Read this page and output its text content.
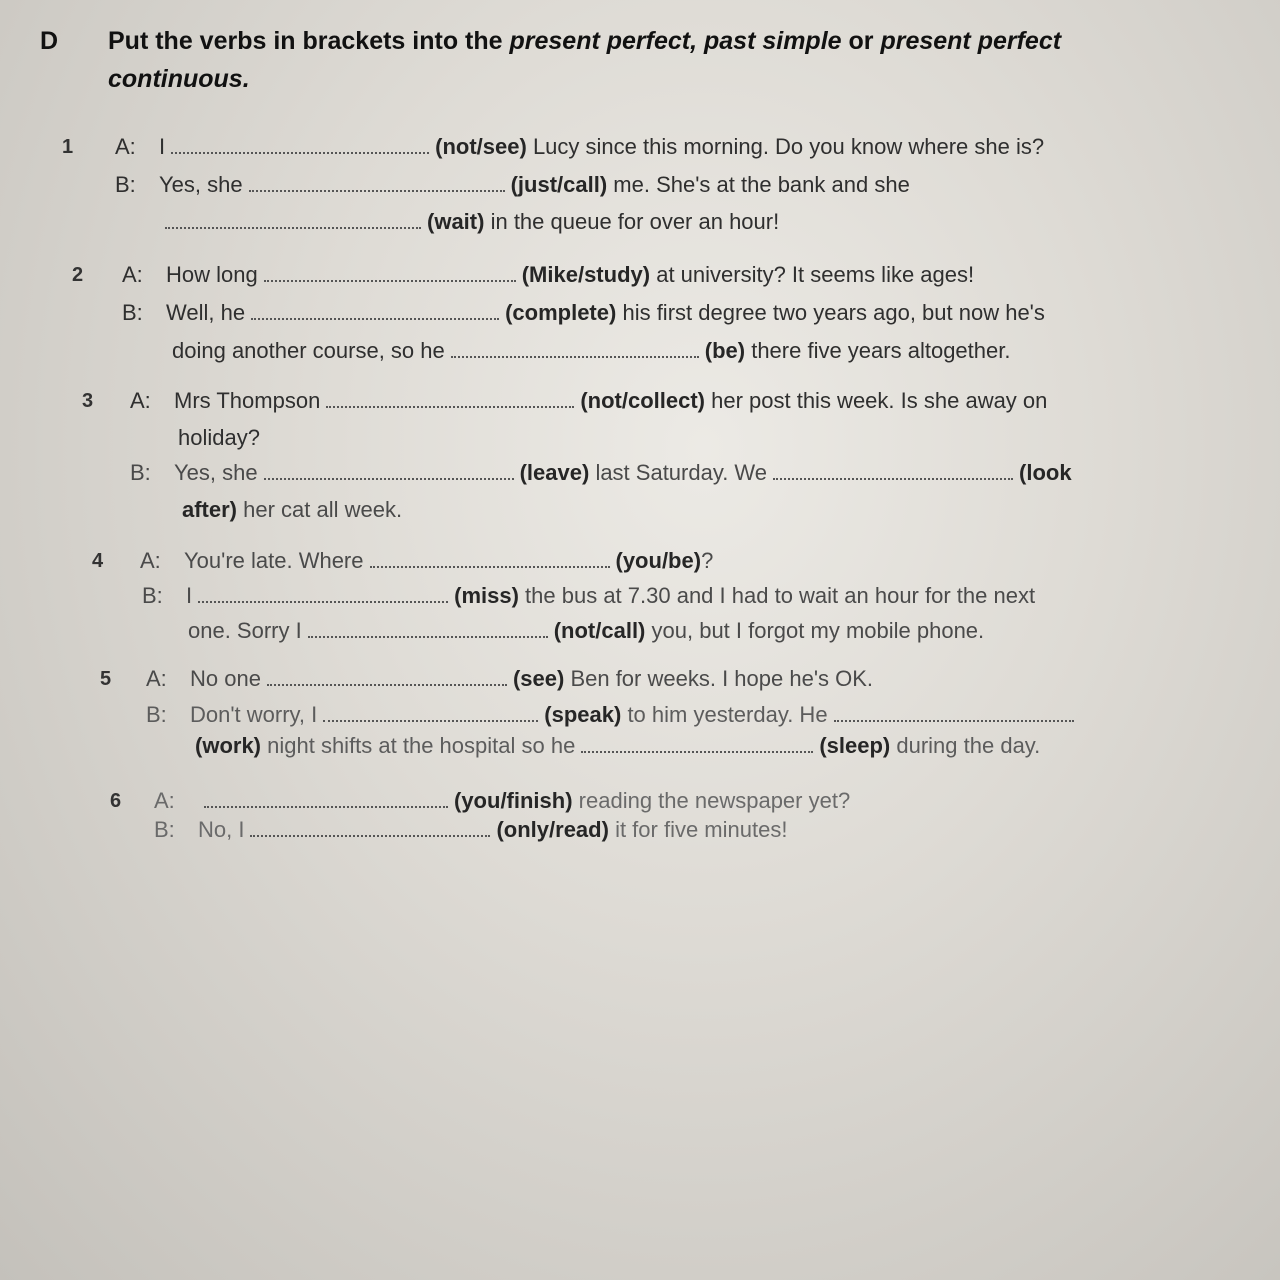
D Put the verbs in brackets into the present perfect, past simple or present perfect continuous.
1 A: I	(not/see) Lucy since this morning. Do you know where she is?
B: Yes, she	(just/call) me. She's at the bank and she
(wait) in the queue for over an hour!
2 A: How long	(Mike/study) at university? It seems like ages!
B: Well, he	(complete) his first degree two years ago, but now he's
doing another course, so he	(be) there five years altogether.
3 A: Mrs Thompson	(not/collect) her post this week. Is she away on
holiday?
B: Yes, she	(leave) last Saturday. We	(look
after) her cat all week.
4 A: You're late. Where	(you/be)?
B: I	(miss) the bus at 7.30 and I had to wait an hour for the next
one. Sorry I	(not/call) you, but I forgot my mobile phone.
5 A: No one	(see) Ben for weeks. I hope he's OK.
B: Don't worry, I	(speak) to him yesterday. He
(work) night shifts at the hospital so he	(sleep) during the day.
6 A:	(you/finish) reading the newspaper yet?
B: No, I	(only/read) it for five minutes!
